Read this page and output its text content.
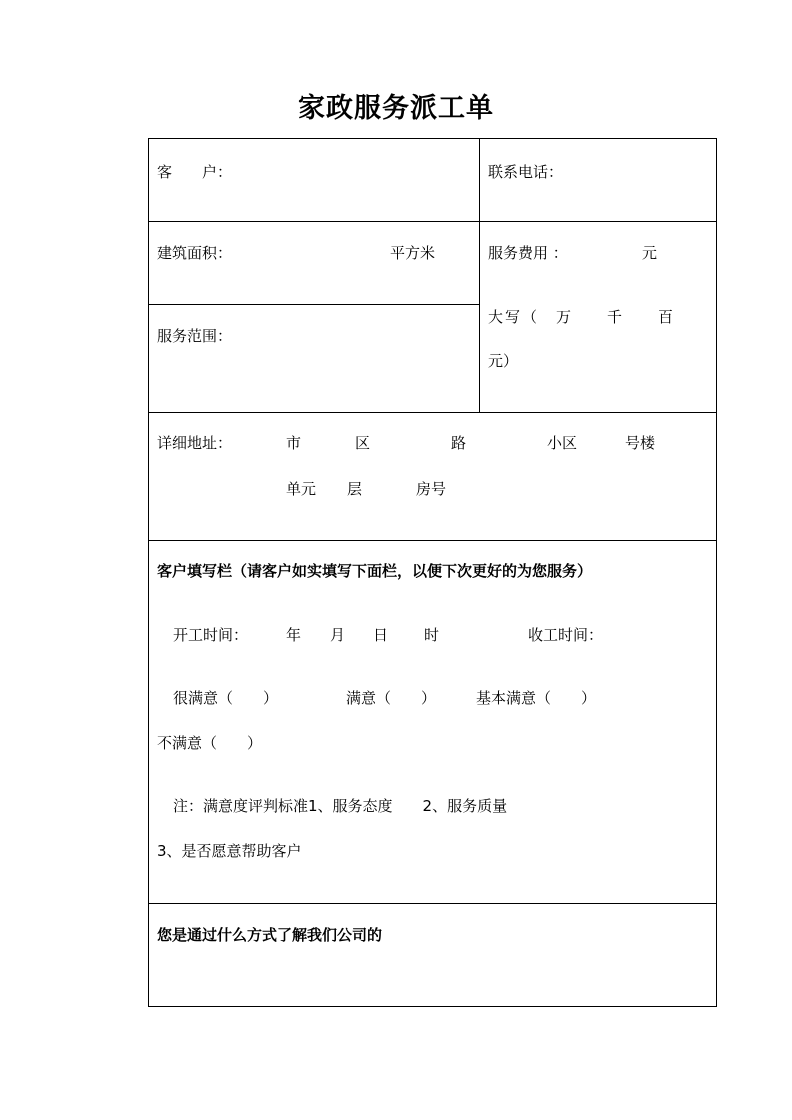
家政服务派工单
客　　户：	联系电话：
建筑面积：	平方米	服务费用 ：	元
服务范围：
大写（　万　　千　　百
元）
详细地址：	市	区	路	小区	号楼
单元 层	房号
客户填写栏（请客户如实填写下面栏，以便下次更好的为您服务）
开工时间：	年 月 日 时	收工时间：
很满意（　　）	满意（　　）	基本满意（　　）
不满意（　　）
注：满意度评判标准1、服务态度　　2、服务质量
3、是否愿意帮助客户
您是通过什么方式了解我们公司的
